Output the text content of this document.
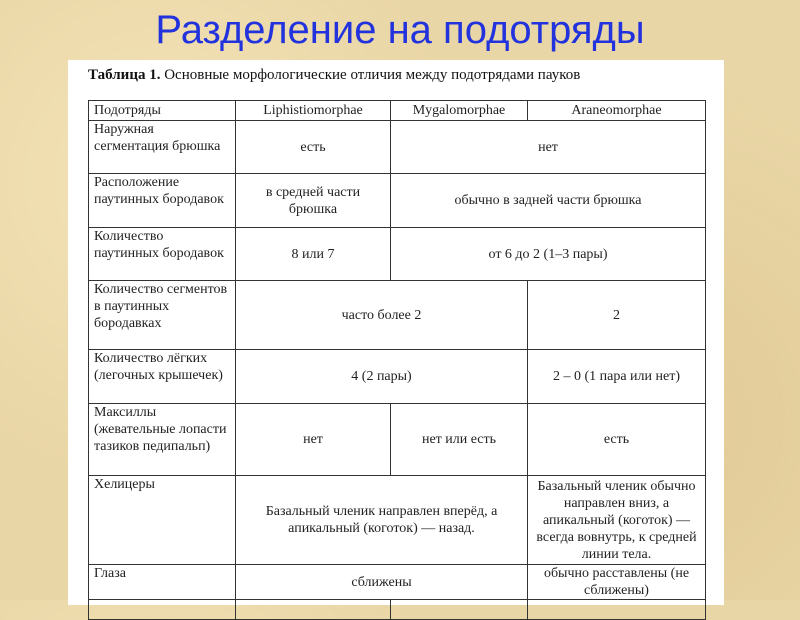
Разделение на подотряды
Таблица 1. Основные морфологические отличия между подотрядами пауков
Подотряды	Liphistiomorphae	Mygalomorphae	Araneomorphae
Наружная сегментация брюшка	есть	нет	
Расположение паутинных бородавок	в средней части брюшка	обычно в задней части брюшка	
Количество паутинных бородавок	8 или 7	от 6 до 2 (1–3 пары)	
Количество сегментов в паутинных бородавках	часто более 2		2
Количество лёгких (легочных крышечек)	4 (2 пары)		2 – 0 (1 пара или нет)
Максиллы (жевательные лопасти тазиков педипальп)	нет	нет или есть	есть
Хелицеры	Базальный членик направлен вперёд, а апикальный (коготок) — назад.		Базальный членик обычно направлен вниз, а апикальный (коготок) — всегда вовнутрь, к средней линии тела.
Глаза	сближены		обычно расставлены (не сближены)
